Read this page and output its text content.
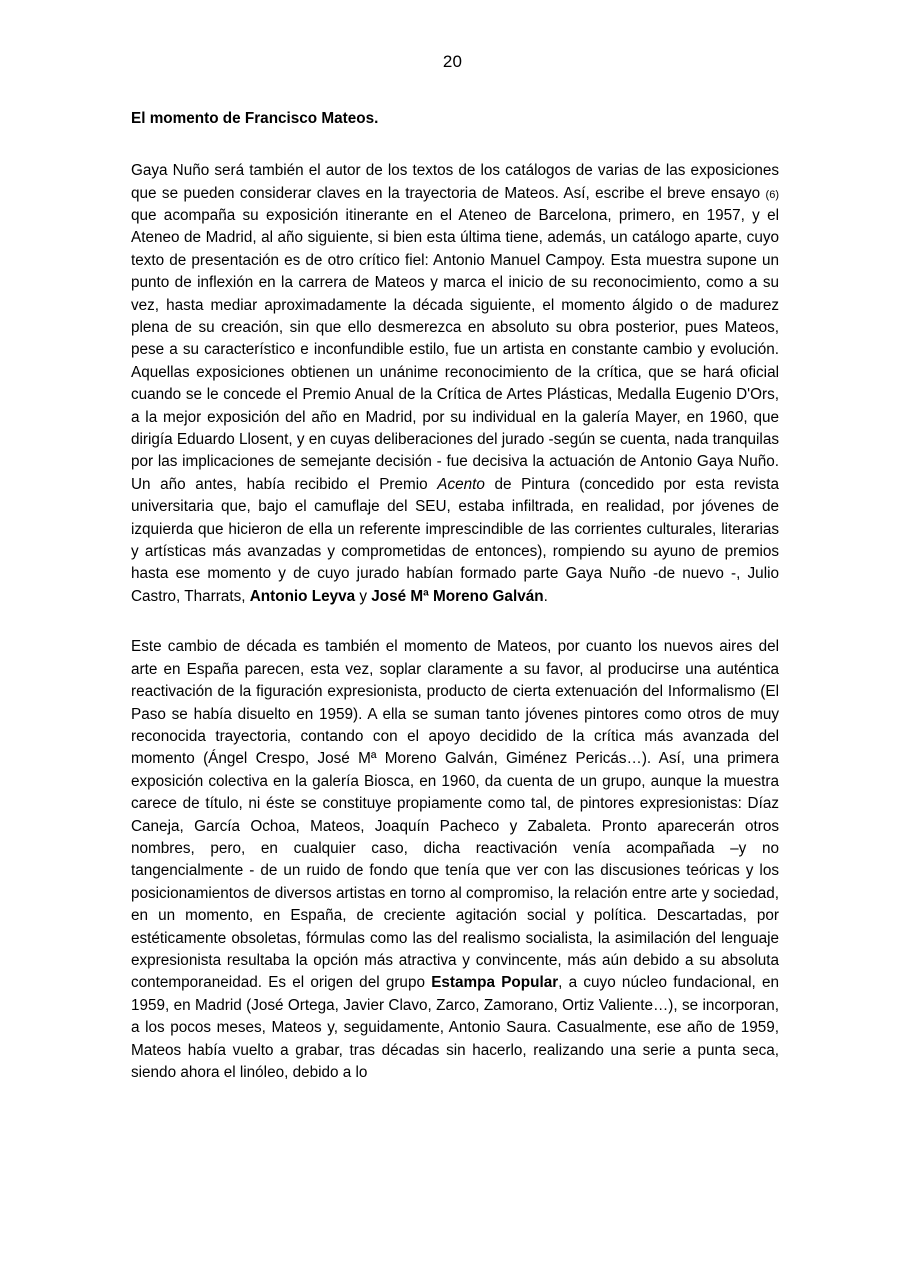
20
El momento de Francisco Mateos.

Gaya Nuño será también el autor de los textos de los catálogos de varias de las exposiciones que se pueden considerar claves en la trayectoria de Mateos. Así, escribe el breve ensayo (6) que acompaña su exposición itinerante en el Ateneo de Barcelona, primero, en 1957, y el Ateneo de Madrid, al año siguiente, si bien esta última tiene, además, un catálogo aparte, cuyo texto de presentación es de otro crítico fiel: Antonio Manuel Campoy. Esta muestra supone un punto de inflexión en la carrera de Mateos y marca el inicio de su reconocimiento, como a su vez, hasta mediar aproximadamente la década siguiente, el momento álgido o de madurez plena de su creación, sin que ello desmerezca en absoluto su obra posterior, pues Mateos, pese a su característico e inconfundible estilo, fue un artista en constante cambio y evolución. Aquellas exposiciones obtienen un unánime reconocimiento de la crítica, que se hará oficial cuando se le concede el Premio Anual de la Crítica de Artes Plásticas, Medalla Eugenio D'Ors, a la mejor exposición del año en Madrid, por su individual en la galería Mayer, en 1960, que dirigía Eduardo Llosent, y en cuyas deliberaciones del jurado -según se cuenta, nada tranquilas por las implicaciones de semejante decisión - fue decisiva la actuación de Antonio Gaya Nuño. Un año antes, había recibido el Premio Acento de Pintura (concedido por esta revista universitaria que, bajo el camuflaje del SEU, estaba infiltrada, en realidad, por jóvenes de izquierda que hicieron de ella un referente imprescindible de las corrientes culturales, literarias y artísticas más avanzadas y comprometidas de entonces), rompiendo su ayuno de premios hasta ese momento y de cuyo jurado habían formado parte Gaya Nuño -de nuevo -, Julio Castro, Tharrats, Antonio Leyva y José Mª Moreno Galván.

Este cambio de década es también el momento de Mateos, por cuanto los nuevos aires del arte en España parecen, esta vez, soplar claramente a su favor, al producirse una auténtica reactivación de la figuración expresionista, producto de cierta extenuación del Informalismo (El Paso se había disuelto en 1959). A ella se suman tanto jóvenes pintores como otros de muy reconocida trayectoria, contando con el apoyo decidido de la crítica más avanzada del momento (Ángel Crespo, José Mª Moreno Galván, Giménez Pericás…). Así, una primera exposición colectiva en la galería Biosca, en 1960, da cuenta de un grupo, aunque la muestra carece de título, ni éste se constituye propiamente como tal, de pintores expresionistas: Díaz Caneja, García Ochoa, Mateos, Joaquín Pacheco y Zabaleta. Pronto aparecerán otros nombres, pero, en cualquier caso, dicha reactivación venía acompañada –y no tangencialmente - de un ruido de fondo que tenía que ver con las discusiones teóricas y los posicionamientos de diversos artistas en torno al compromiso, la relación entre arte y sociedad, en un momento, en España, de creciente agitación social y política. Descartadas, por estéticamente obsoletas, fórmulas como las del realismo socialista, la asimilación del lenguaje expresionista resultaba la opción más atractiva y convincente, más aún debido a su absoluta contemporaneidad. Es el origen del grupo Estampa Popular, a cuyo núcleo fundacional, en 1959, en Madrid (José Ortega, Javier Clavo, Zarco, Zamorano, Ortiz Valiente…), se incorporan, a los pocos meses, Mateos y, seguidamente, Antonio Saura. Casualmente, ese año de 1959, Mateos había vuelto a grabar, tras décadas sin hacerlo, realizando una serie a punta seca, siendo ahora el linóleo, debido a lo
